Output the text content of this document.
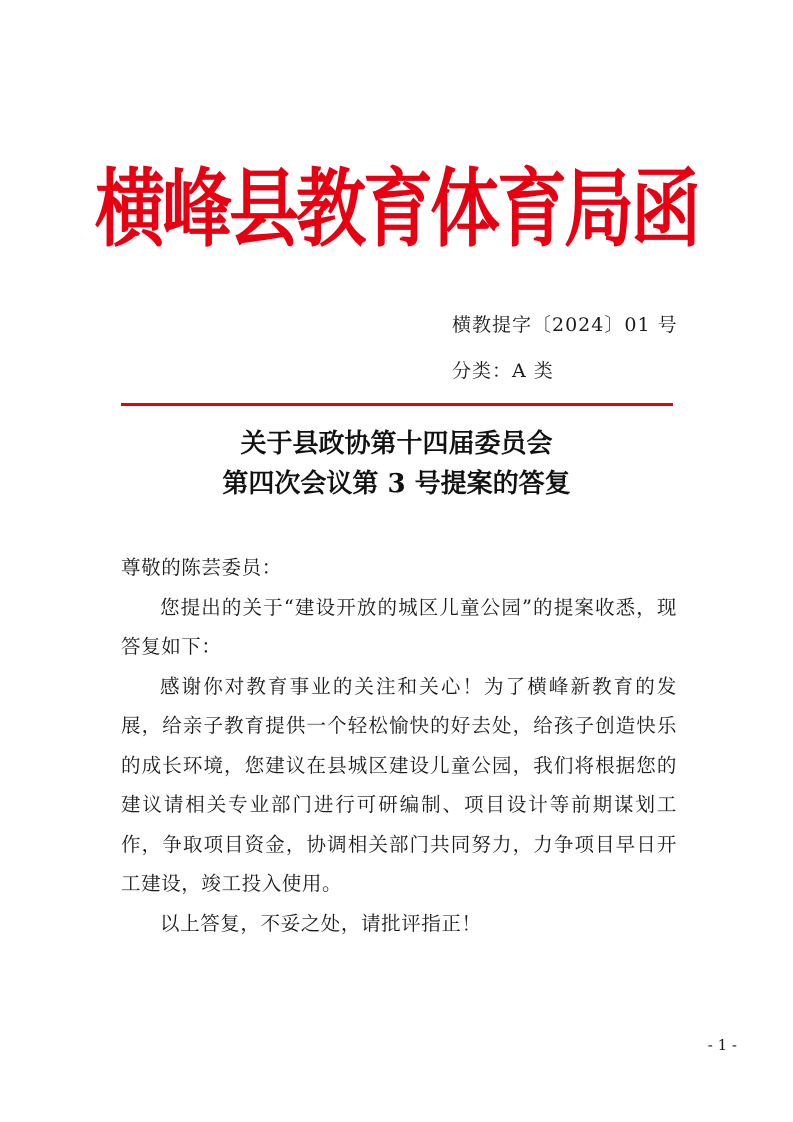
横峰县教育体育局函
横教提字〔2024〕01 号
分类：A 类
关于县政协第十四届委员会
第四次会议第 3 号提案的答复

尊敬的陈芸委员：

您提出的关于“建设开放的城区儿童公园”的提案收悉，现答复如下：

感谢你对教育事业的关注和关心！为了横峰新教育的发展，给亲子教育提供一个轻松愉快的好去处，给孩子创造快乐的成长环境，您建议在县城区建设儿童公园，我们将根据您的建议请相关专业部门进行可研编制、项目设计等前期谋划工作，争取项目资金，协调相关部门共同努力，力争项目早日开工建设，竣工投入使用。

以上答复，不妥之处，请批评指正！

- 1 -
